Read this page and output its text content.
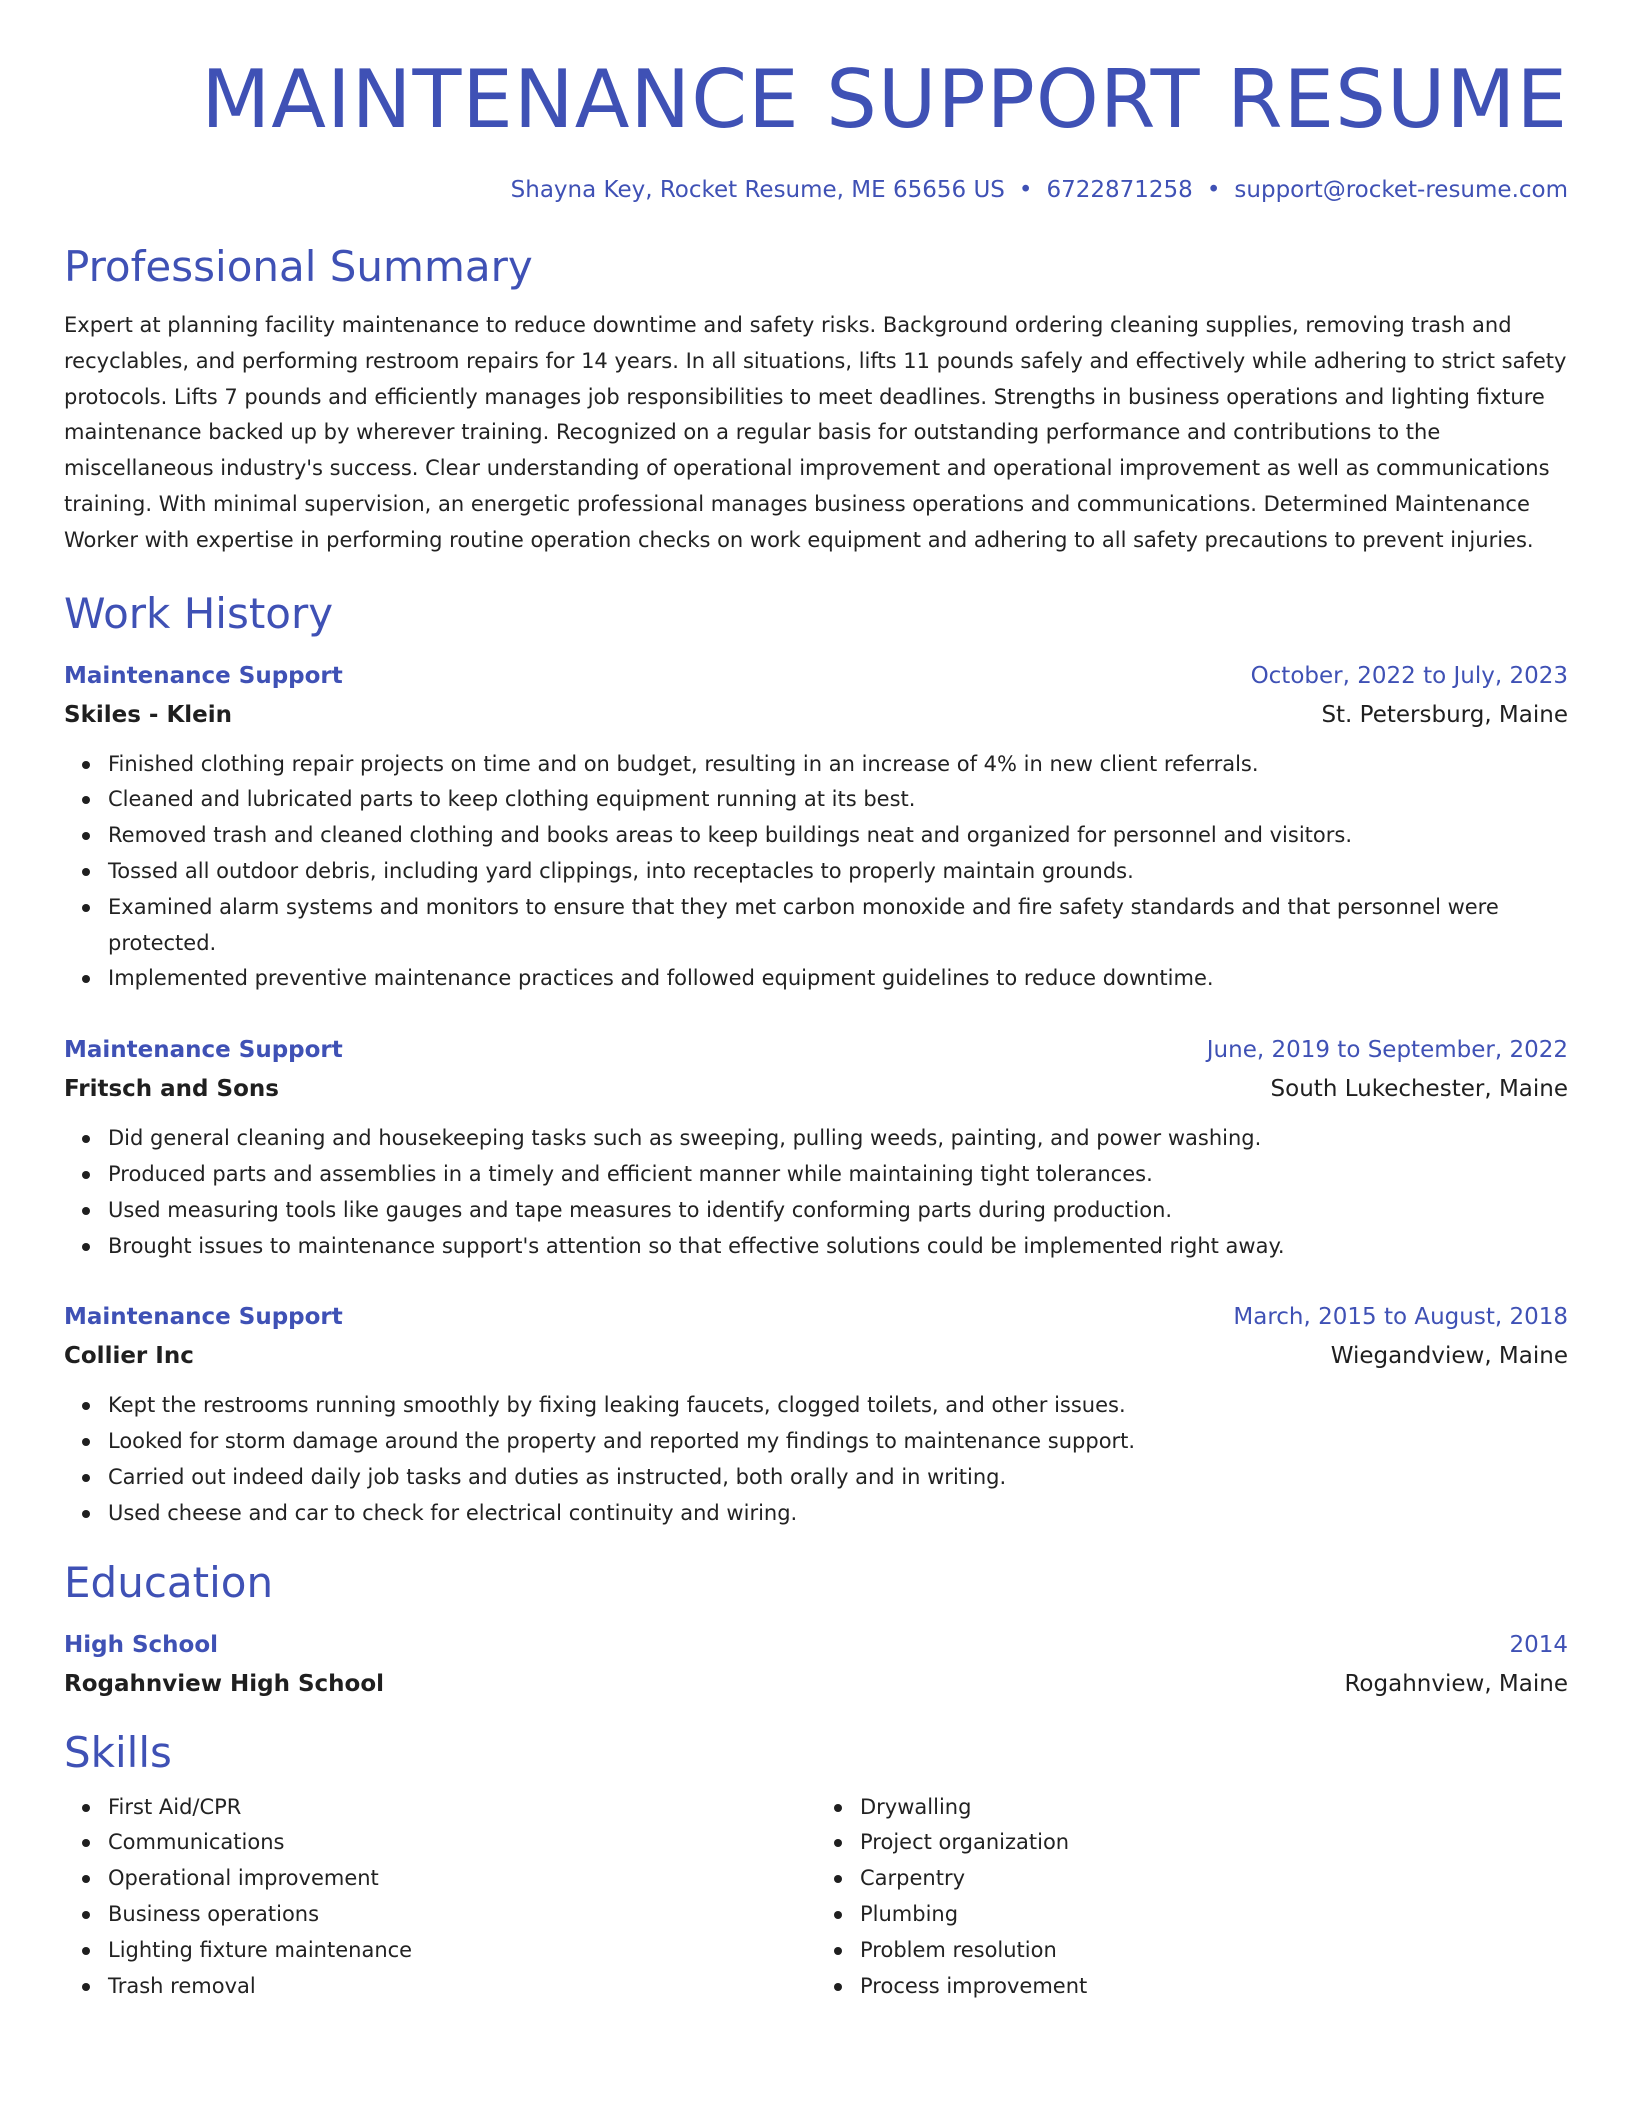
MAINTENANCE SUPPORT RESUME
Shayna Key, Rocket Resume, ME 65656 US • 6722871258 • support@rocket-resume.com
Professional Summary
Expert at planning facility maintenance to reduce downtime and safety risks. Background ordering cleaning supplies, removing trash and recyclables, and performing restroom repairs for 14 years. In all situations, lifts 11 pounds safely and effectively while adhering to strict safety protocols. Lifts 7 pounds and efficiently manages job responsibilities to meet deadlines. Strengths in business operations and lighting fixture maintenance backed up by wherever training. Recognized on a regular basis for outstanding performance and contributions to the miscellaneous industry's success. Clear understanding of operational improvement and operational improvement as well as communications training. With minimal supervision, an energetic professional manages business operations and communications. Determined Maintenance Worker with expertise in performing routine operation checks on work equipment and adhering to all safety precautions to prevent injuries.
Work History
Maintenance Support	October, 2022 to July, 2023
Skiles - Klein	St. Petersburg, Maine
Finished clothing repair projects on time and on budget, resulting in an increase of 4% in new client referrals.
Cleaned and lubricated parts to keep clothing equipment running at its best.
Removed trash and cleaned clothing and books areas to keep buildings neat and organized for personnel and visitors.
Tossed all outdoor debris, including yard clippings, into receptacles to properly maintain grounds.
Examined alarm systems and monitors to ensure that they met carbon monoxide and fire safety standards and that personnel were protected.
Implemented preventive maintenance practices and followed equipment guidelines to reduce downtime.
Maintenance Support	June, 2019 to September, 2022
Fritsch and Sons	South Lukechester, Maine
Did general cleaning and housekeeping tasks such as sweeping, pulling weeds, painting, and power washing.
Produced parts and assemblies in a timely and efficient manner while maintaining tight tolerances.
Used measuring tools like gauges and tape measures to identify conforming parts during production.
Brought issues to maintenance support's attention so that effective solutions could be implemented right away.
Maintenance Support	March, 2015 to August, 2018
Collier Inc	Wiegandview, Maine
Kept the restrooms running smoothly by fixing leaking faucets, clogged toilets, and other issues.
Looked for storm damage around the property and reported my findings to maintenance support.
Carried out indeed daily job tasks and duties as instructed, both orally and in writing.
Used cheese and car to check for electrical continuity and wiring.
Education
High School	2014
Rogahnview High School	Rogahnview, Maine
Skills
First Aid/CPR
Communications
Operational improvement
Business operations
Lighting fixture maintenance
Trash removal
Drywalling
Project organization
Carpentry
Plumbing
Problem resolution
Process improvement
